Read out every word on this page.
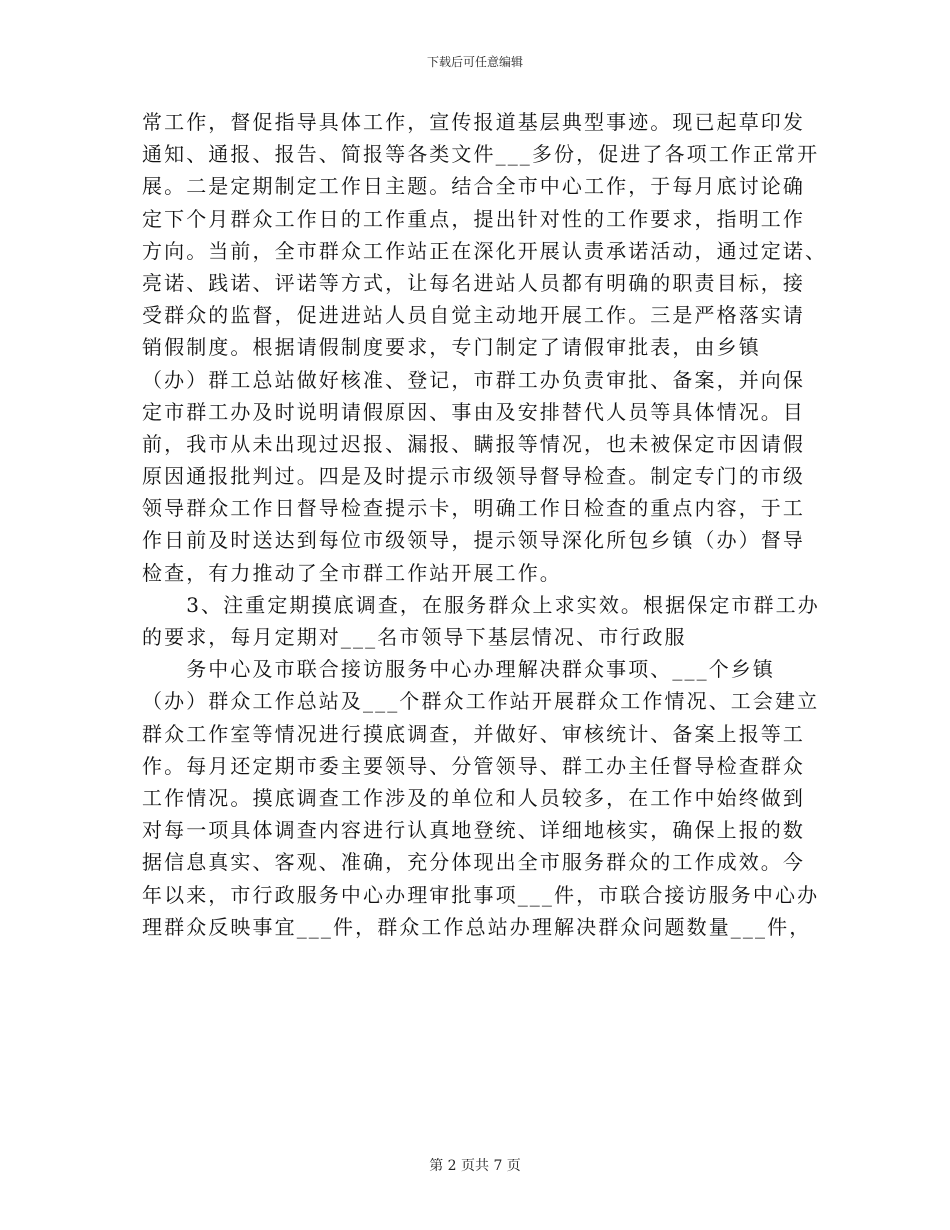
下载后可任意编辑
常工作，督促指导具体工作，宣传报道基层典型事迹。现已起草印发
通知、通报、报告、简报等各类文件___多份，促进了各项工作正常开
展。二是定期制定工作日主题。结合全市中心工作，于每月底讨论确
定下个月群众工作日的工作重点，提出针对性的工作要求，指明工作
方向。当前，全市群众工作站正在深化开展认责承诺活动，通过定诺、
亮诺、践诺、评诺等方式，让每名进站人员都有明确的职责目标，接
受群众的监督，促进进站人员自觉主动地开展工作。三是严格落实请
销假制度。根据请假制度要求，专门制定了请假审批表，由乡镇
（办）群工总站做好核准、登记，市群工办负责审批、备案，并向保
定市群工办及时说明请假原因、事由及安排替代人员等具体情况。目
前，我市从未出现过迟报、漏报、瞒报等情况，也未被保定市因请假
原因通报批判过。四是及时提示市级领导督导检查。制定专门的市级
领导群众工作日督导检查提示卡，明确工作日检查的重点内容，于工
作日前及时送达到每位市级领导，提示领导深化所包乡镇（办）督导
检查，有力推动了全市群工作站开展工作。
　　3、注重定期摸底调查，在服务群众上求实效。根据保定市群工办
的要求，每月定期对___名市领导下基层情况、市行政服
　　务中心及市联合接访服务中心办理解决群众事项、___个乡镇
（办）群众工作总站及___个群众工作站开展群众工作情况、工会建立
群众工作室等情况进行摸底调查，并做好、审核统计、备案上报等工
作。每月还定期市委主要领导、分管领导、群工办主任督导检查群众
工作情况。摸底调查工作涉及的单位和人员较多，在工作中始终做到
对每一项具体调查内容进行认真地登统、详细地核实，确保上报的数
据信息真实、客观、准确，充分体现出全市服务群众的工作成效。今
年以来，市行政服务中心办理审批事项___件，市联合接访服务中心办
理群众反映事宜___件，群众工作总站办理解决群众问题数量___件，
第 2 页共 7 页
